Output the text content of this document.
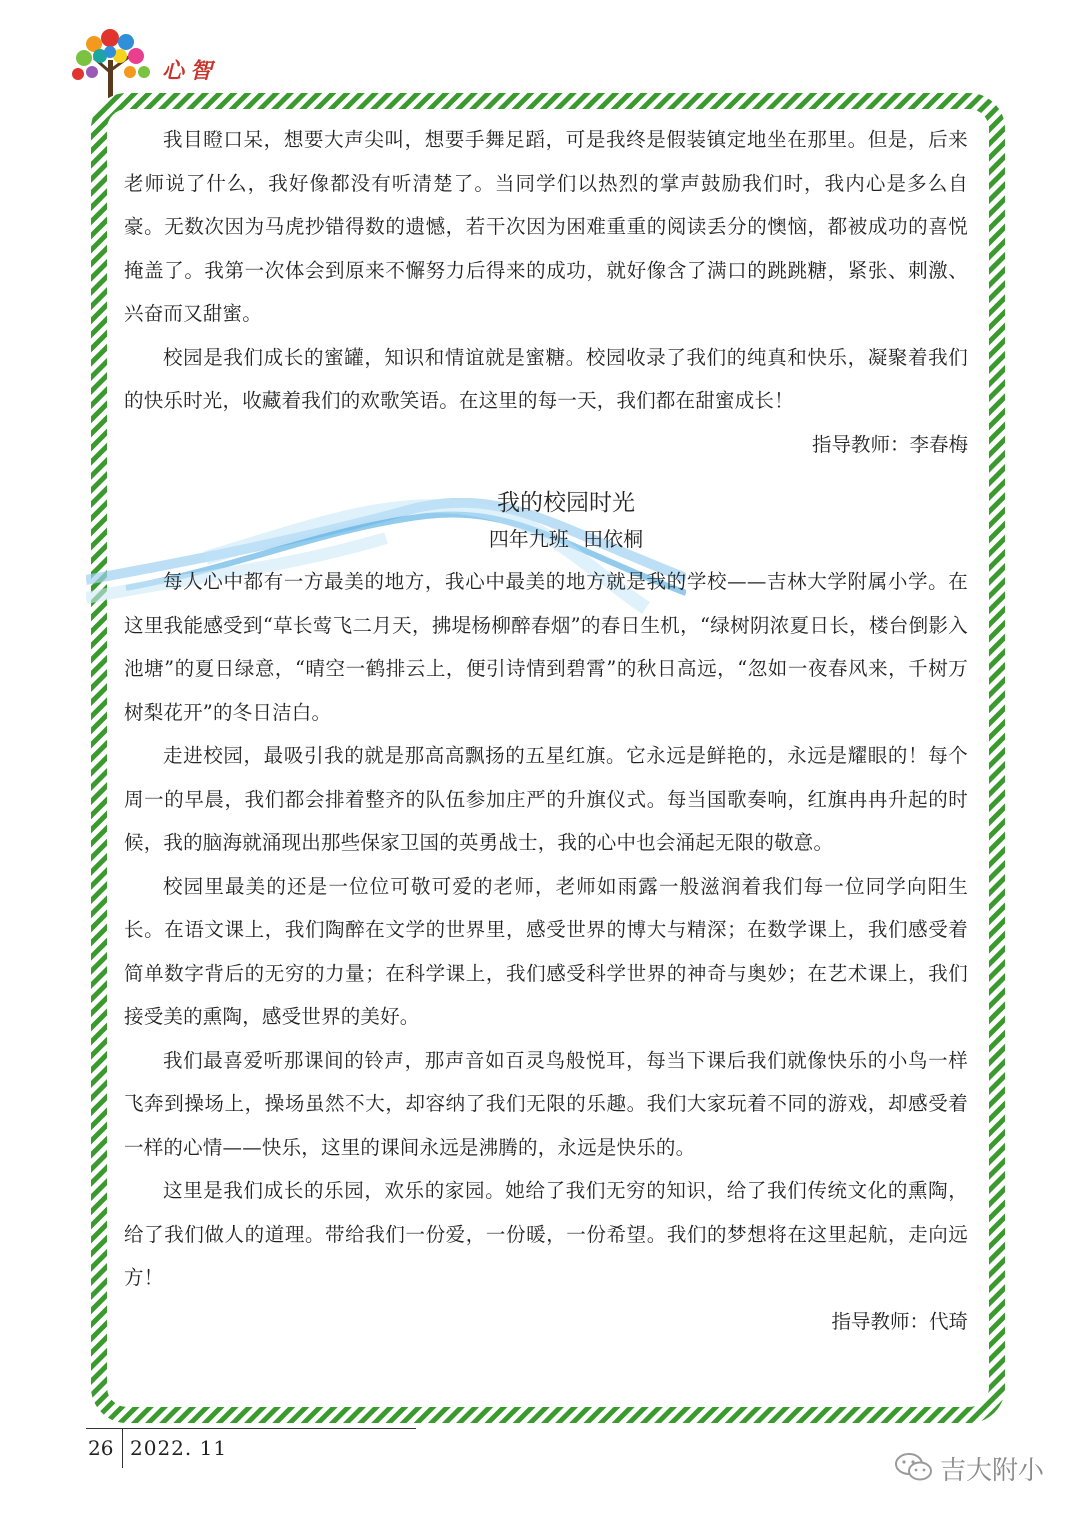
心智

我目瞪口呆，想要大声尖叫，想要手舞足蹈，可是我终是假装镇定地坐在那里。但是，后来老师说了什么，我好像都没有听清楚了。当同学们以热烈的掌声鼓励我们时，我内心是多么自豪。无数次因为马虎抄错得数的遗憾，若干次因为困难重重的阅读丢分的懊恼，都被成功的喜悦掩盖了。我第一次体会到原来不懈努力后得来的成功，就好像含了满口的跳跳糖，紧张、刺激、兴奋而又甜蜜。

校园是我们成长的蜜罐，知识和情谊就是蜜糖。校园收录了我们的纯真和快乐，凝聚着我们的快乐时光，收藏着我们的欢歌笑语。在这里的每一天，我们都在甜蜜成长！

指导教师：李春梅
我的校园时光
四年九班 田依桐

每人心中都有一方最美的地方，我心中最美的地方就是我的学校——吉林大学附属小学。在这里我能感受到“草长莺飞二月天，拂堤杨柳醉春烟”的春日生机，“绿树阴浓夏日长，楼台倒影入池塘”的夏日绿意，“晴空一鹤排云上，便引诗情到碧霄”的秋日高远，“忽如一夜春风来，千树万树梨花开”的冬日洁白。

走进校园，最吸引我的就是那高高飘扬的五星红旗。它永远是鲜艳的，永远是耀眼的！每个周一的早晨，我们都会排着整齐的队伍参加庄严的升旗仪式。每当国歌奏响，红旗冉冉升起的时候，我的脑海就涌现出那些保家卫国的英勇战士，我的心中也会涌起无限的敬意。

校园里最美的还是一位位可敬可爱的老师，老师如雨露一般滋润着我们每一位同学向阳生长。在语文课上，我们陶醉在文学的世界里，感受世界的博大与精深；在数学课上，我们感受着简单数字背后的无穷的力量；在科学课上，我们感受科学世界的神奇与奥妙；在艺术课上，我们接受美的熏陶，感受世界的美好。

我们最喜爱听那课间的铃声，那声音如百灵鸟般悦耳，每当下课后我们就像快乐的小鸟一样飞奔到操场上，操场虽然不大，却容纳了我们无限的乐趣。我们大家玩着不同的游戏，却感受着一样的心情——快乐，这里的课间永远是沸腾的，永远是快乐的。

这里是我们成长的乐园，欢乐的家园。她给了我们无穷的知识，给了我们传统文化的熏陶，给了我们做人的道理。带给我们一份爱，一份暖，一份希望。我们的梦想将在这里起航，走向远方！

指导教师：代琦
26 2022. 11
吉大附小
